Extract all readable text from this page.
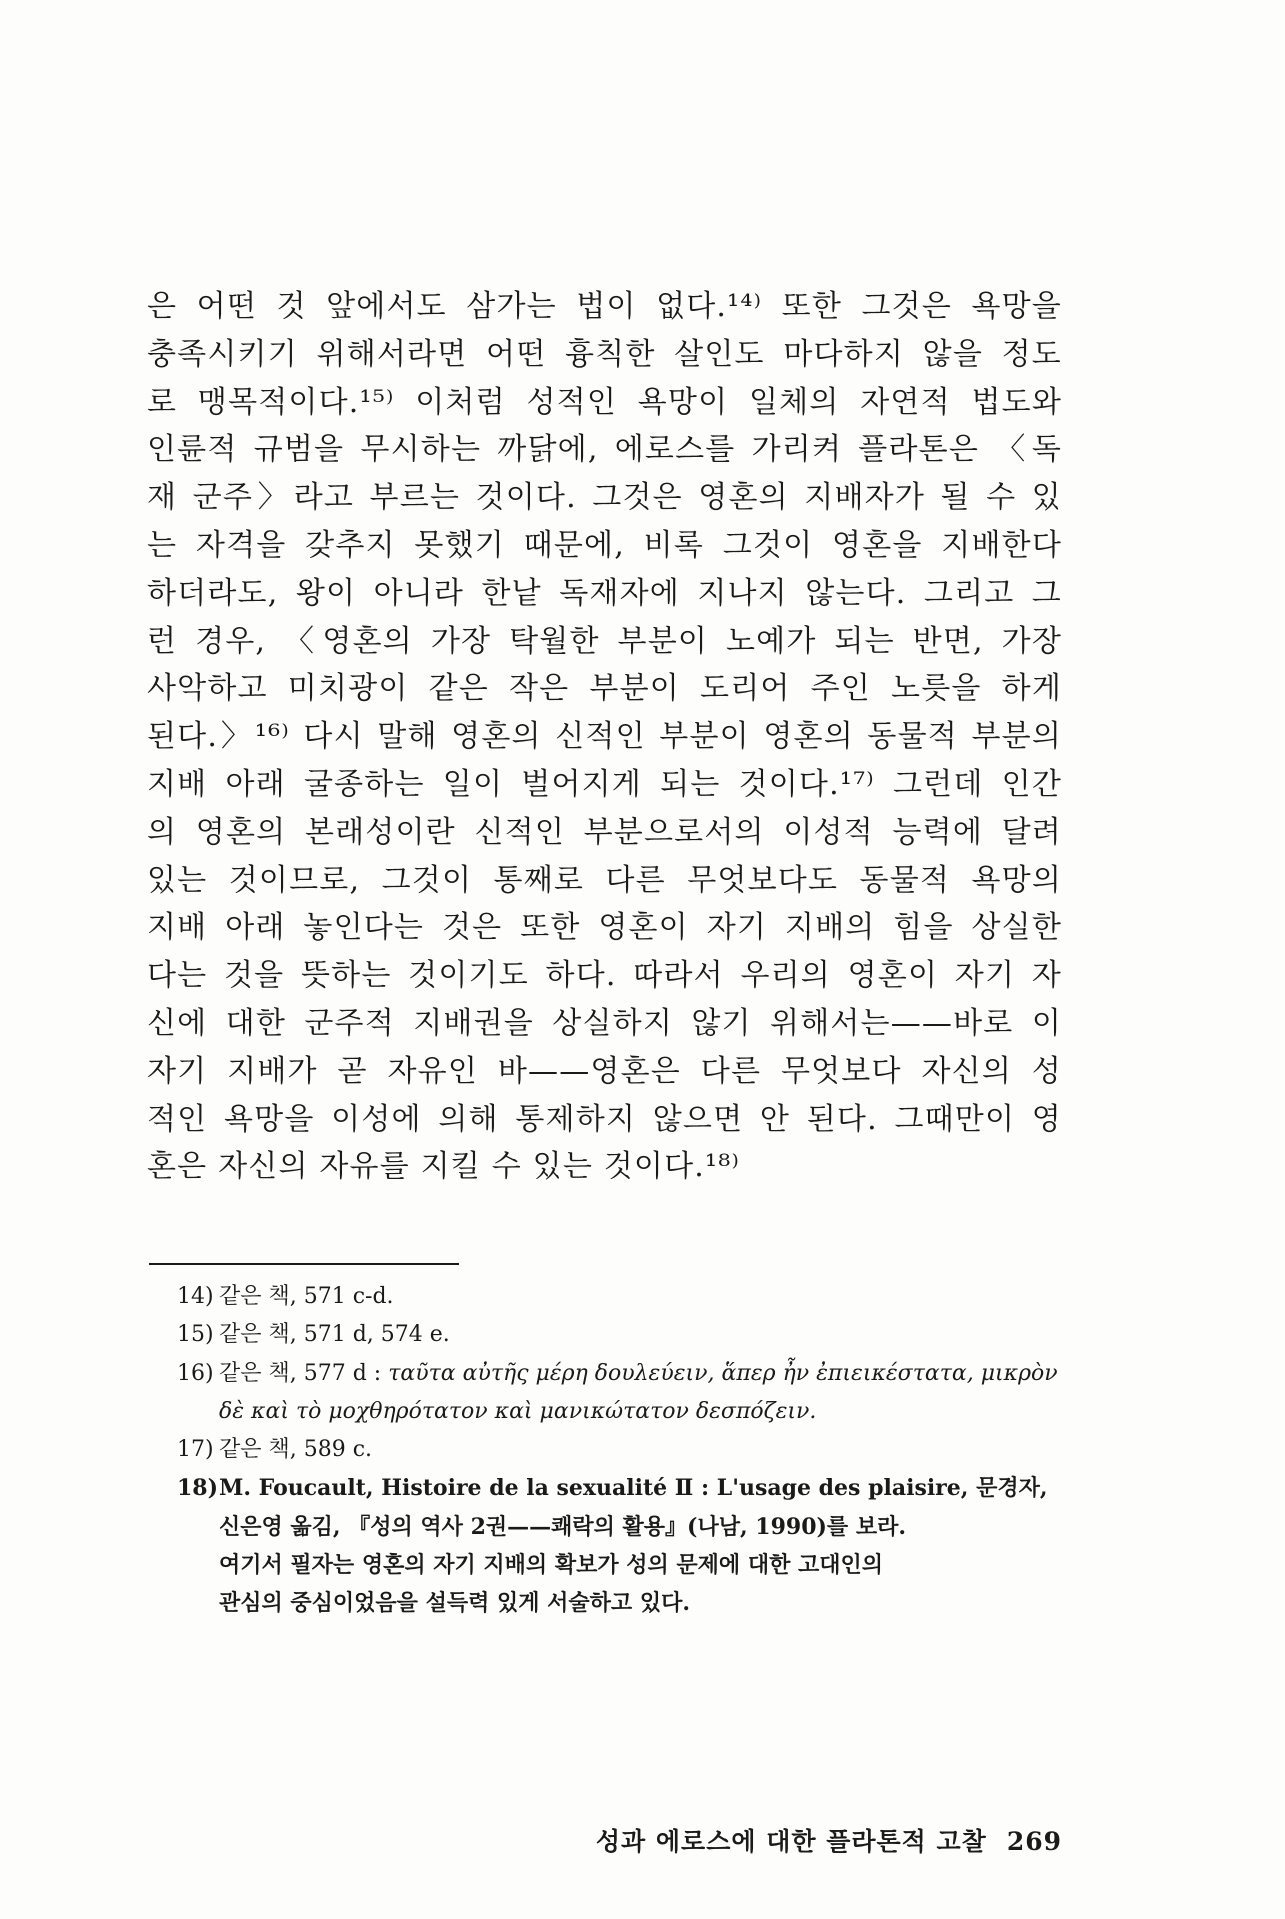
은 어떤 것 앞에서도 삼가는 법이 없다.¹⁴⁾ 또한 그것은 욕망을
충족시키기 위해서라면 어떤 흉칙한 살인도 마다하지 않을 정도
로 맹목적이다.¹⁵⁾ 이처럼 성적인 욕망이 일체의 자연적 법도와
인륜적 규범을 무시하는 까닭에, 에로스를 가리켜 플라톤은 〈독
재 군주〉라고 부르는 것이다. 그것은 영혼의 지배자가 될 수 있
는 자격을 갖추지 못했기 때문에, 비록 그것이 영혼을 지배한다
하더라도, 왕이 아니라 한낱 독재자에 지나지 않는다. 그리고 그
런 경우, 〈영혼의 가장 탁월한 부분이 노예가 되는 반면, 가장
사악하고 미치광이 같은 작은 부분이 도리어 주인 노릇을 하게
된다.〉¹⁶⁾ 다시 말해 영혼의 신적인 부분이 영혼의 동물적 부분의
지배 아래 굴종하는 일이 벌어지게 되는 것이다.¹⁷⁾ 그런데 인간
의 영혼의 본래성이란 신적인 부분으로서의 이성적 능력에 달려
있는 것이므로, 그것이 통째로 다른 무엇보다도 동물적 욕망의
지배 아래 놓인다는 것은 또한 영혼이 자기 지배의 힘을 상실한
다는 것을 뜻하는 것이기도 하다. 따라서 우리의 영혼이 자기 자
신에 대한 군주적 지배권을 상실하지 않기 위해서는——바로 이
자기 지배가 곧 자유인 바——영혼은 다른 무엇보다 자신의 성
적인 욕망을 이성에 의해 통제하지 않으면 안 된다. 그때만이 영
혼은 자신의 자유를 지킬 수 있는 것이다.¹⁸⁾
14) 같은 책, 571 c-d.
15) 같은 책, 571 d, 574 e.
16) 같은 책, 577 d : ταῦτα αὐτῆς μέρη δουλεύειν, ἅπερ ἦν ἐπιεικέστατα, μικρὸν
δὲ καὶ τὸ μοχθηρότατον καὶ μανικώτατον δεσπόζειν.
17) 같은 책, 589 c.
18)M. Foucault, Histoire de la sexualité Ⅱ : L'usage des plaisire, 문경자,
신은영 옮김, 『성의 역사 2권——쾌락의 활용』(나남, 1990)를 보라.
여기서 필자는 영혼의 자기 지배의 확보가 성의 문제에 대한 고대인의
관심의 중심이었음을 설득력 있게 서술하고 있다.
성과 에로스에 대한 플라톤적 고찰 269
